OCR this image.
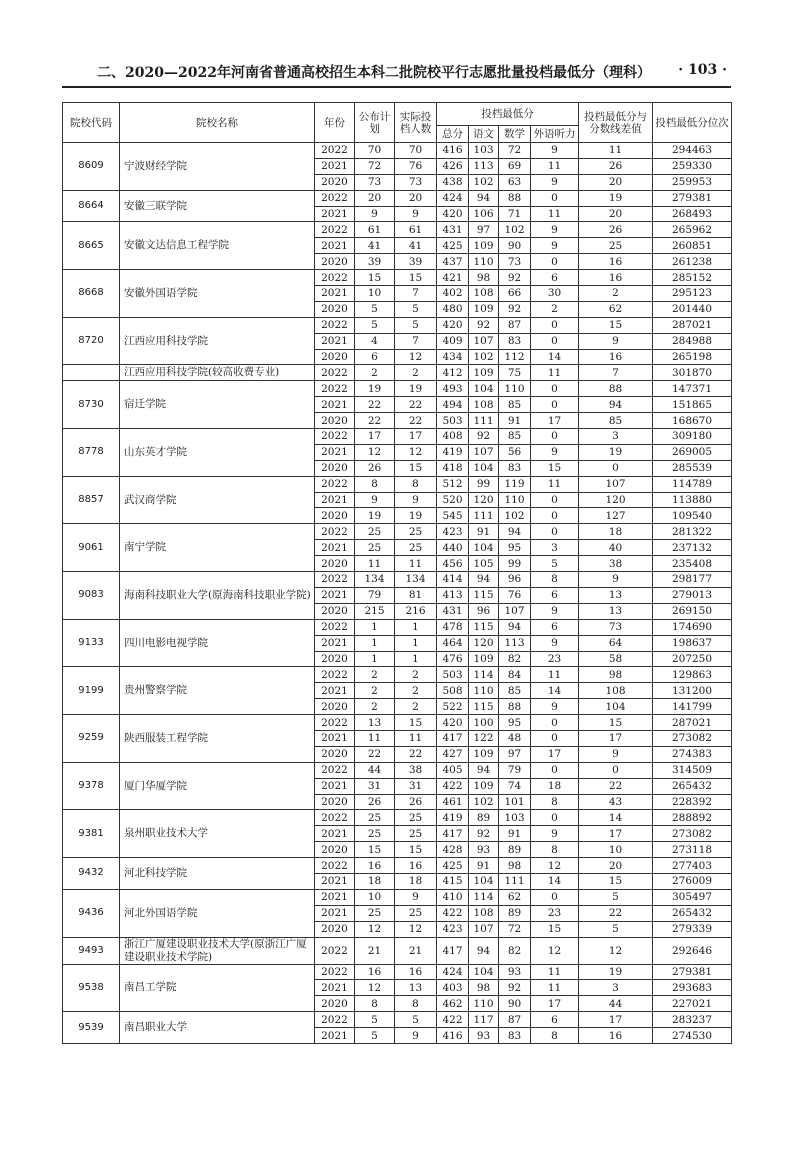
二、2020—2022年河南省普通高校招生本科二批院校平行志愿批量投档最低分（理科） · 103 ·
院校代码	院校名称	年份	公布计划	实际投档人数	投档最低分				投档最低分与分数线差值	投档最低分位次
					总分	语文	数学	外语听力		
8609	宁波财经学院	2022	70	70	416	103	72	9	11	294463
		2021	72	76	426	113	69	11	26	259330
		2020	73	73	438	102	63	9	20	259953
8664	安徽三联学院	2022	20	20	424	94	88	0	19	279381
		2021	9	9	420	106	71	11	20	268493
8665	安徽文达信息工程学院	2022	61	61	431	97	102	9	26	265962
		2021	41	41	425	109	90	9	25	260851
		2020	39	39	437	110	73	0	16	261238
8668	安徽外国语学院	2022	15	15	421	98	92	6	16	285152
		2021	10	7	402	108	66	30	2	295123
		2020	5	5	480	109	92	2	62	201440
8720	江西应用科技学院	2022	5	5	420	92	87	0	15	287021
		2021	4	7	409	107	83	0	9	284988
		2020	6	12	434	102	112	14	16	265198
	江西应用科技学院(较高收费专业)	2022	2	2	412	109	75	11	7	301870
8730	宿迁学院	2022	19	19	493	104	110	0	88	147371
		2021	22	22	494	108	85	0	94	151865
		2020	22	22	503	111	91	17	85	168670
8778	山东英才学院	2022	17	17	408	92	85	0	3	309180
		2021	12	12	419	107	56	9	19	269005
		2020	26	15	418	104	83	15	0	285539
8857	武汉商学院	2022	8	8	512	99	119	11	107	114789
		2021	9	9	520	120	110	0	120	113880
		2020	19	19	545	111	102	0	127	109540
9061	南宁学院	2022	25	25	423	91	94	0	18	281322
		2021	25	25	440	104	95	3	40	237132
		2020	11	11	456	105	99	5	38	235408
9083	海南科技职业大学(原海南科技职业学院)	2022	134	134	414	94	96	8	9	298177
		2021	79	81	413	115	76	6	13	279013
		2020	215	216	431	96	107	9	13	269150
9133	四川电影电视学院	2022	1	1	478	115	94	6	73	174690
		2021	1	1	464	120	113	9	64	198637
		2020	1	1	476	109	82	23	58	207250
9199	贵州警察学院	2022	2	2	503	114	84	11	98	129863
		2021	2	2	508	110	85	14	108	131200
		2020	2	2	522	115	88	9	104	141799
9259	陕西服装工程学院	2022	13	15	420	100	95	0	15	287021
		2021	11	11	417	122	48	0	17	273082
		2020	22	22	427	109	97	17	9	274383
9378	厦门华厦学院	2022	44	38	405	94	79	0	0	314509
		2021	31	31	422	109	74	18	22	265432
		2020	26	26	461	102	101	8	43	228392
9381	泉州职业技术大学	2022	25	25	419	89	103	0	14	288892
		2021	25	25	417	92	91	9	17	273082
		2020	15	15	428	93	89	8	10	273118
9432	河北科技学院	2022	16	16	425	91	98	12	20	277403
		2021	18	18	415	104	111	14	15	276009
9436	河北外国语学院	2021	10	9	410	114	62	0	5	305497
		2021	25	25	422	108	89	23	22	265432
		2020	12	12	423	107	72	15	5	279339
9493	浙江广厦建设职业技术大学(原浙江广厦建设职业技术学院)	2022	21	21	417	94	82	12	12	292646
9538	南昌工学院	2022	16	16	424	104	93	11	19	279381
		2021	12	13	403	98	92	11	3	293683
		2020	8	8	462	110	90	17	44	227021
9539	南昌职业大学	2022	5	5	422	117	87	6	17	283237
		2021	5	9	416	93	83	8	16	274530
